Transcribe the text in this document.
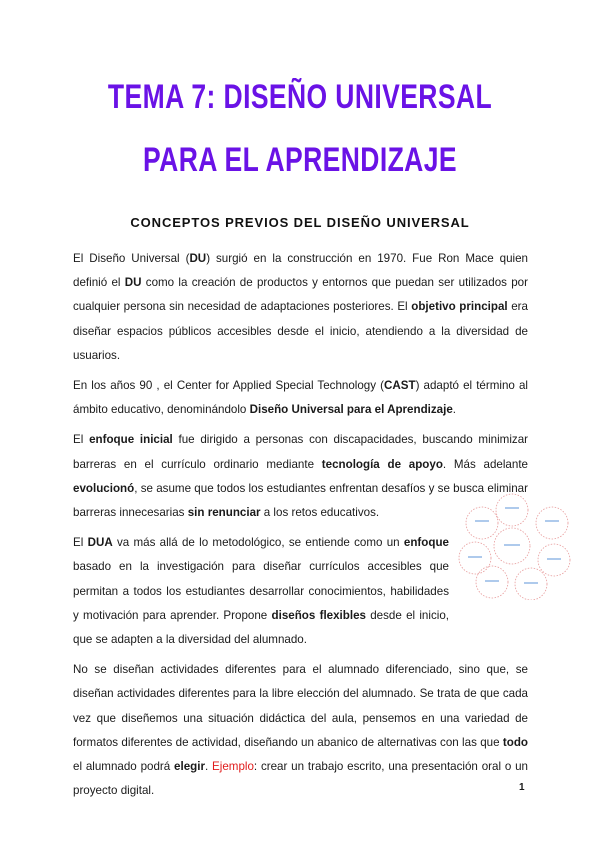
TEMA 7: DISEÑO UNIVERSAL
PARA EL APRENDIZAJE
CONCEPTOS PREVIOS DEL DISEÑO UNIVERSAL

El Diseño Universal (DU) surgió en la construcción en 1970. Fue Ron Mace quien definió el DU como la creación de productos y entornos que puedan ser utilizados por cualquier persona sin necesidad de adaptaciones posteriores. El objetivo principal era diseñar espacios públicos accesibles desde el inicio, atendiendo a la diversidad de usuarios.

En los años 90 , el Center for Applied Special Technology (CAST) adaptó el término al ámbito educativo, denominándolo Diseño Universal para el Aprendizaje.

El enfoque inicial fue dirigido a personas con discapacidades, buscando minimizar barreras en el currículo ordinario mediante tecnología de apoyo. Más adelante evolucionó, se asume que todos los estudiantes enfrentan desafíos y se busca eliminar barreras innecesarias sin renunciar a los retos educativos.

El DUA va más allá de lo metodológico, se entiende como un enfoque basado en la investigación para diseñar currículos accesibles que permitan a todos los estudiantes desarrollar conocimientos, habilidades y motivación para aprender. Propone diseños flexibles desde el inicio, que se adapten a la diversidad del alumnado.

No se diseñan actividades diferentes para el alumnado diferenciado, sino que, se diseñan actividades diferentes para la libre elección del alumnado. Se trata de que cada vez que diseñemos una situación didáctica del aula, pensemos en una variedad de formatos diferentes de actividad, diseñando un abanico de alternativas con las que todo el alumnado podrá elegir. Ejemplo: crear un trabajo escrito, una presentación oral o un proyecto digital.	1
